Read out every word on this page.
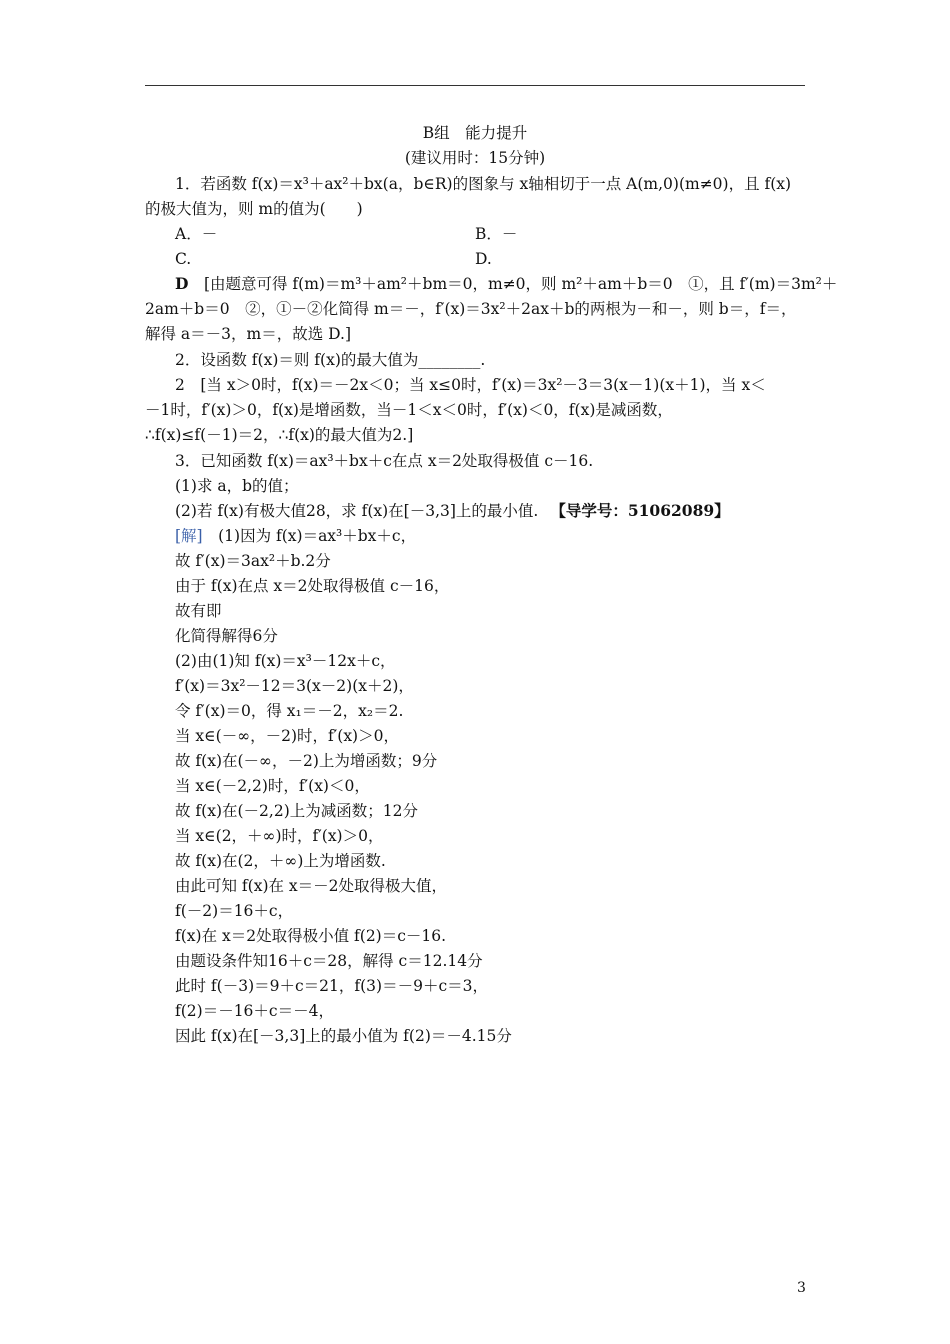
B组　能力提升
(建议用时：15分钟)
1．若函数 f(x)＝x³＋ax²＋bx(a，b∈R)的图象与 x轴相切于一点 A(m,0)(m≠0)，且 f(x)
的极大值为，则 m的值为(　　)
A．－	B．－
C.	D.
D　[由题意可得 f(m)＝m³＋am²＋bm＝0，m≠0，则 m²＋am＋b＝0　①，且 f′(m)＝3m²＋
2am＋b＝0　②，①－②化简得 m＝－，f′(x)＝3x²＋2ax＋b的两根为－和－，则 b＝，f＝，
解得 a＝－3，m＝，故选 D.]
2．设函数 f(x)＝则 f(x)的最大值为________.
2　[当 x＞0时，f(x)＝－2x＜0；当 x≤0时，f′(x)＝3x²－3＝3(x－1)(x＋1)，当 x＜
－1时，f′(x)＞0，f(x)是增函数，当－1＜x＜0时，f′(x)＜0，f(x)是减函数，
∴f(x)≤f(－1)＝2，∴f(x)的最大值为2.]
3．已知函数 f(x)＝ax³＋bx＋c在点 x＝2处取得极值 c－16.
(1)求 a，b的值；
(2)若 f(x)有极大值28，求 f(x)在[－3,3]上的最小值. 【导学号：51062089】
[解]　(1)因为 f(x)＝ax³＋bx＋c，
故 f′(x)＝3ax²＋b.2分
由于 f(x)在点 x＝2处取得极值 c－16，
故有即
化简得解得6分
(2)由(1)知 f(x)＝x³－12x＋c，
f′(x)＝3x²－12＝3(x－2)(x＋2)，
令 f′(x)＝0，得 x₁＝－2，x₂＝2.
当 x∈(－∞，－2)时，f′(x)＞0，
故 f(x)在(－∞，－2)上为增函数；9分
当 x∈(－2,2)时，f′(x)＜0，
故 f(x)在(－2,2)上为减函数；12分
当 x∈(2，＋∞)时，f′(x)＞0，
故 f(x)在(2，＋∞)上为增函数.
由此可知 f(x)在 x＝－2处取得极大值，
f(－2)＝16＋c，
f(x)在 x＝2处取得极小值 f(2)＝c－16.
由题设条件知16＋c＝28，解得 c＝12.14分
此时 f(－3)＝9＋c＝21，f(3)＝－9＋c＝3，
f(2)＝－16＋c＝－4，
因此 f(x)在[－3,3]上的最小值为 f(2)＝－4.15分
3
